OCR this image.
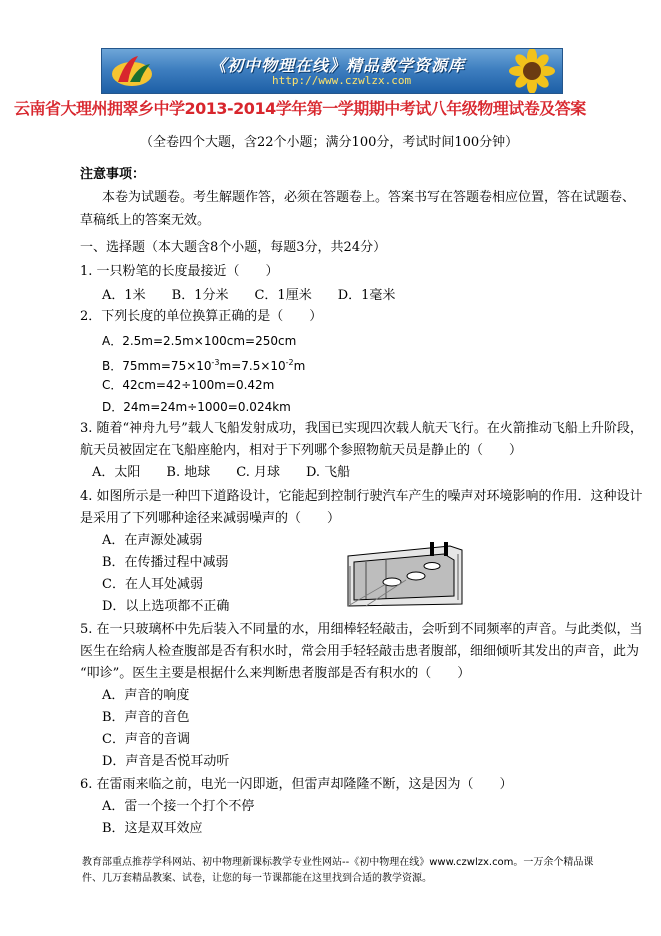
《初中物理在线》精品教学资源库
http://www.czwlzx.com
云南省大理州拥翠乡中学2013-2014学年第一学期期中考试八年级物理试卷及答案
（全卷四个大题，含22个小题；满分100分，考试时间100分钟）
注意事项：
本卷为试题卷。考生解题作答，必须在答题卷上。答案书写在答题卷相应位置，答在试题卷、
草稿纸上的答案无效。
一、选择题（本大题含8个小题，每题3分，共24分）
1. 一只粉笔的长度最接近（　　）
A．1米　　B．1分米　　C．1厘米　　D．1毫米
2．下列长度的单位换算正确的是（　　）
A．2.5m=2.5m×100cm=250cm
B．$75mm=75\times 10^{-3}m=7.5\times 10^{-2}m$
C．42cm=42÷100m=0.42m
D．24m=24m÷1000=0.024km
3. 随着“神舟九号”载人飞船发射成功，我国已实现四次载人航天飞行。在火箭推动飞船上升阶段，
航天员被固定在飞船座舱内，相对于下列哪个参照物航天员是静止的（　　）
A．太阳　　B. 地球　　C. 月球　　D. 飞船
4. 如图所示是一种凹下道路设计，它能起到控制行驶汽车产生的噪声对环境影响的作用．这种设计
是采用了下列哪种途径来减弱噪声的（　　）
A．在声源处减弱
B．在传播过程中减弱
C．在人耳处减弱
D．以上选项都不正确
5. 在一只玻璃杯中先后装入不同量的水，用细棒轻轻敲击，会听到不同频率的声音。与此类似，当
医生在给病人检查腹部是否有积水时，常会用手轻轻敲击患者腹部，细细倾听其发出的声音，此为
“叩诊”。医生主要是根据什么来判断患者腹部是否有积水的（　　）
A．声音的响度
B．声音的音色
C．声音的音调
D．声音是否悦耳动听
6. 在雷雨来临之前，电光一闪即逝，但雷声却隆隆不断，这是因为（　　）
A．雷一个接一个打个不停
B．这是双耳效应
教育部重点推荐学科网站、初中物理新课标教学专业性网站--《初中物理在线》www.czwlzx.com。一万余个精品课
件、几万套精品教案、试卷，让您的每一节课都能在这里找到合适的教学资源。
